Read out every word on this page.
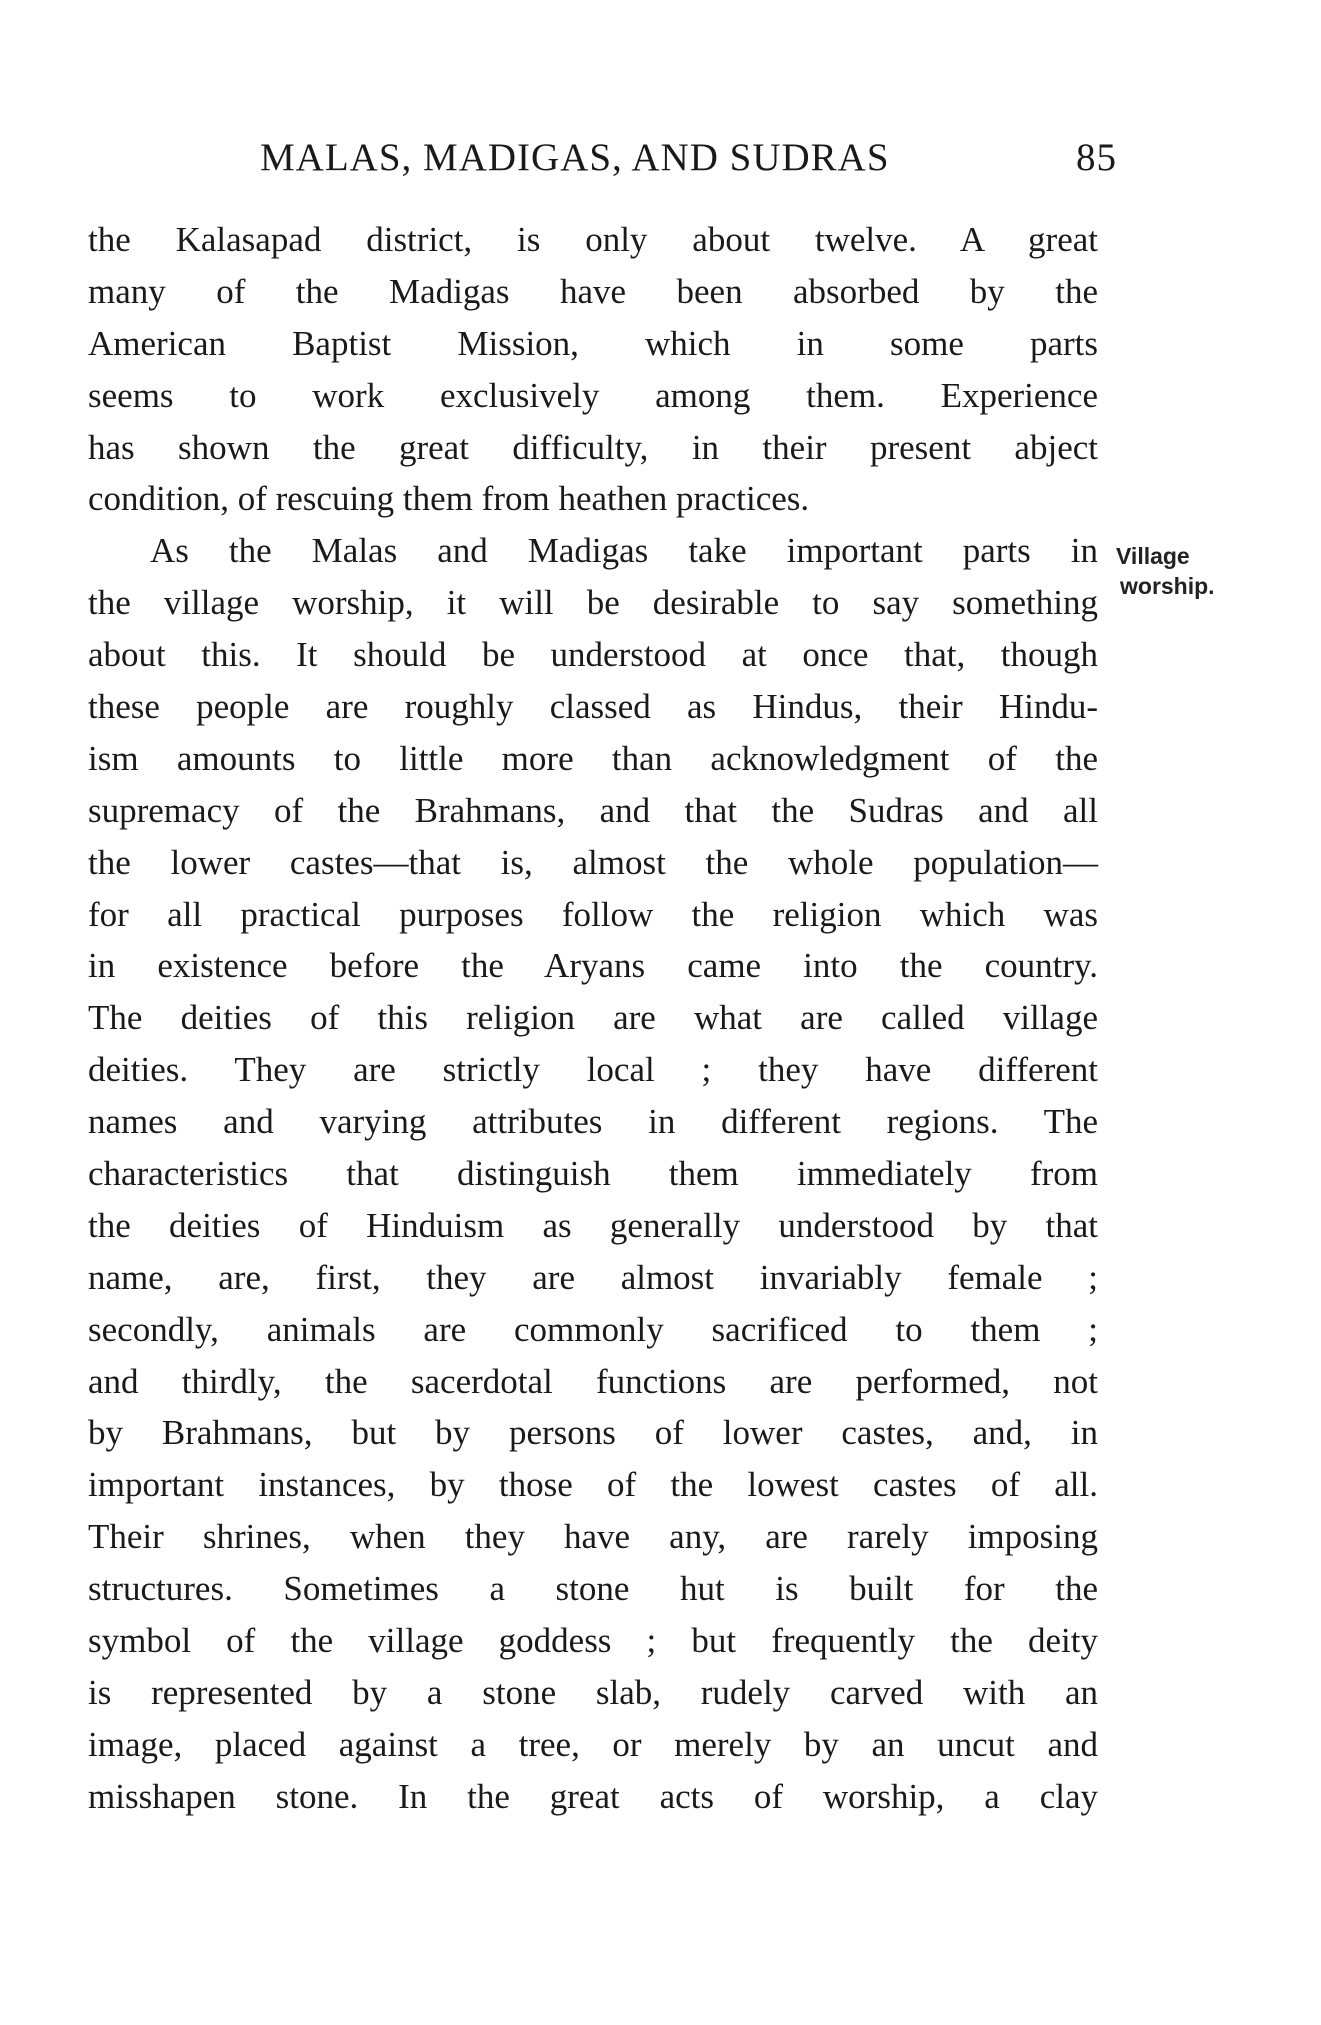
MALAS, MADIGAS, AND SUDRAS	85
Village
worship.
the Kalasapad district, is only about twelve. A great
many of the Madigas have been absorbed by the
American Baptist Mission, which in some parts
seems to work exclusively among them. Experience
has shown the great difficulty, in their present abject
condition, of rescuing them from heathen practices.
As the Malas and Madigas take important parts in
the village worship, it will be desirable to say something
about this. It should be understood at once that, though
these people are roughly classed as Hindus, their Hindu-
ism amounts to little more than acknowledgment of the
supremacy of the Brahmans, and that the Sudras and all
the lower castes—that is, almost the whole population—
for all practical purposes follow the religion which was
in existence before the Aryans came into the country.
The deities of this religion are what are called village
deities. They are strictly local ; they have different
names and varying attributes in different regions. The
characteristics that distinguish them immediately from
the deities of Hinduism as generally understood by that
name, are, first, they are almost invariably female ;
secondly, animals are commonly sacrificed to them ;
and thirdly, the sacerdotal functions are performed, not
by Brahmans, but by persons of lower castes, and, in
important instances, by those of the lowest castes of all.
Their shrines, when they have any, are rarely imposing
structures. Sometimes a stone hut is built for the
symbol of the village goddess ; but frequently the deity
is represented by a stone slab, rudely carved with an
image, placed against a tree, or merely by an uncut and
misshapen stone. In the great acts of worship, a clay
